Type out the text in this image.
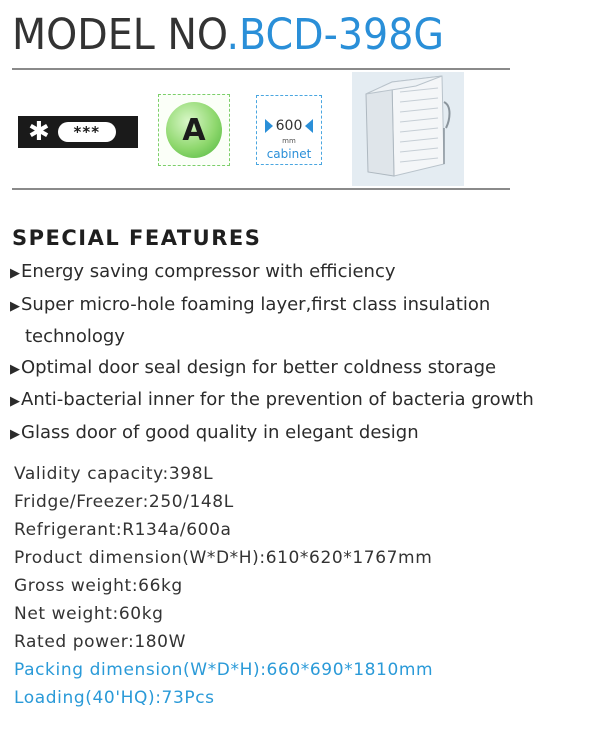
MODEL NO.BCD-398G
✱	***	A	600
mm
cabinet
SPECIAL FEATURES
▶Energy saving compressor with efficiency
▶Super micro-hole foaming layer,first class insulation
technology
▶Optimal door seal design for better coldness storage
▶Anti-bacterial inner for the prevention of bacteria growth
▶Glass door of good quality in elegant design
Validity capacity:398L
Fridge/Freezer:250/148L
Refrigerant:R134a/600a
Product dimension(W*D*H):610*620*1767mm
Gross weight:66kg
Net weight:60kg
Rated power:180W
Packing dimension(W*D*H):660*690*1810mm
Loading(40'HQ):73Pcs
